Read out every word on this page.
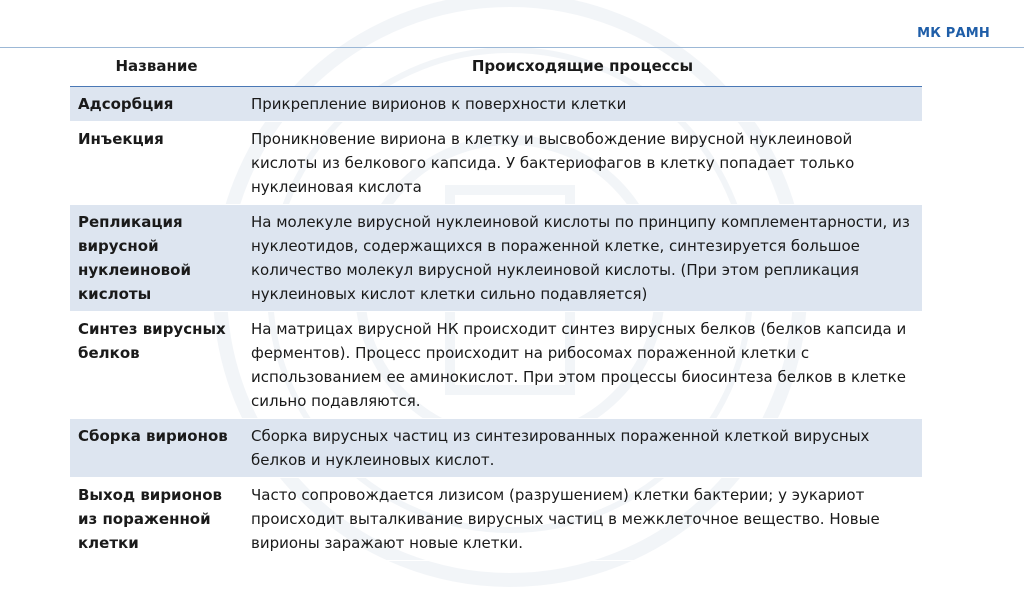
МК РАМН
Название	Происходящие процессы
Адсорбция	Прикрепление вирионов к поверхности клетки
Инъекция	Проникновение вириона в клетку и высвобождение вирусной нуклеиновой кислоты из белкового капсида. У бактериофагов в клетку попадает только нуклеиновая кислота
Репликация вирусной нуклеиновой кислоты	На молекуле вирусной нуклеиновой кислоты по принципу комплементарности, из нуклеотидов, содержащихся в пораженной клетке, синтезируется большое количество молекул вирусной нуклеиновой кислоты. (При этом репликация нуклеиновых кислот клетки сильно подавляется)
Синтез вирусных белков	На матрицах вирусной НК происходит синтез вирусных белков (белков капсида и ферментов). Процесс происходит на рибосомах пораженной клетки с использованием ее аминокислот. При этом процессы биосинтеза белков в клетке сильно подавляются.
Сборка вирионов	Сборка вирусных частиц из синтезированных пораженной клеткой вирусных белков и нуклеиновых кислот.
Выход вирионов из пораженной клетки	Часто сопровождается лизисом (разрушением) клетки бактерии; у эукариот происходит выталкивание вирусных частиц в межклеточное вещество. Новые вирионы заражают новые клетки.
